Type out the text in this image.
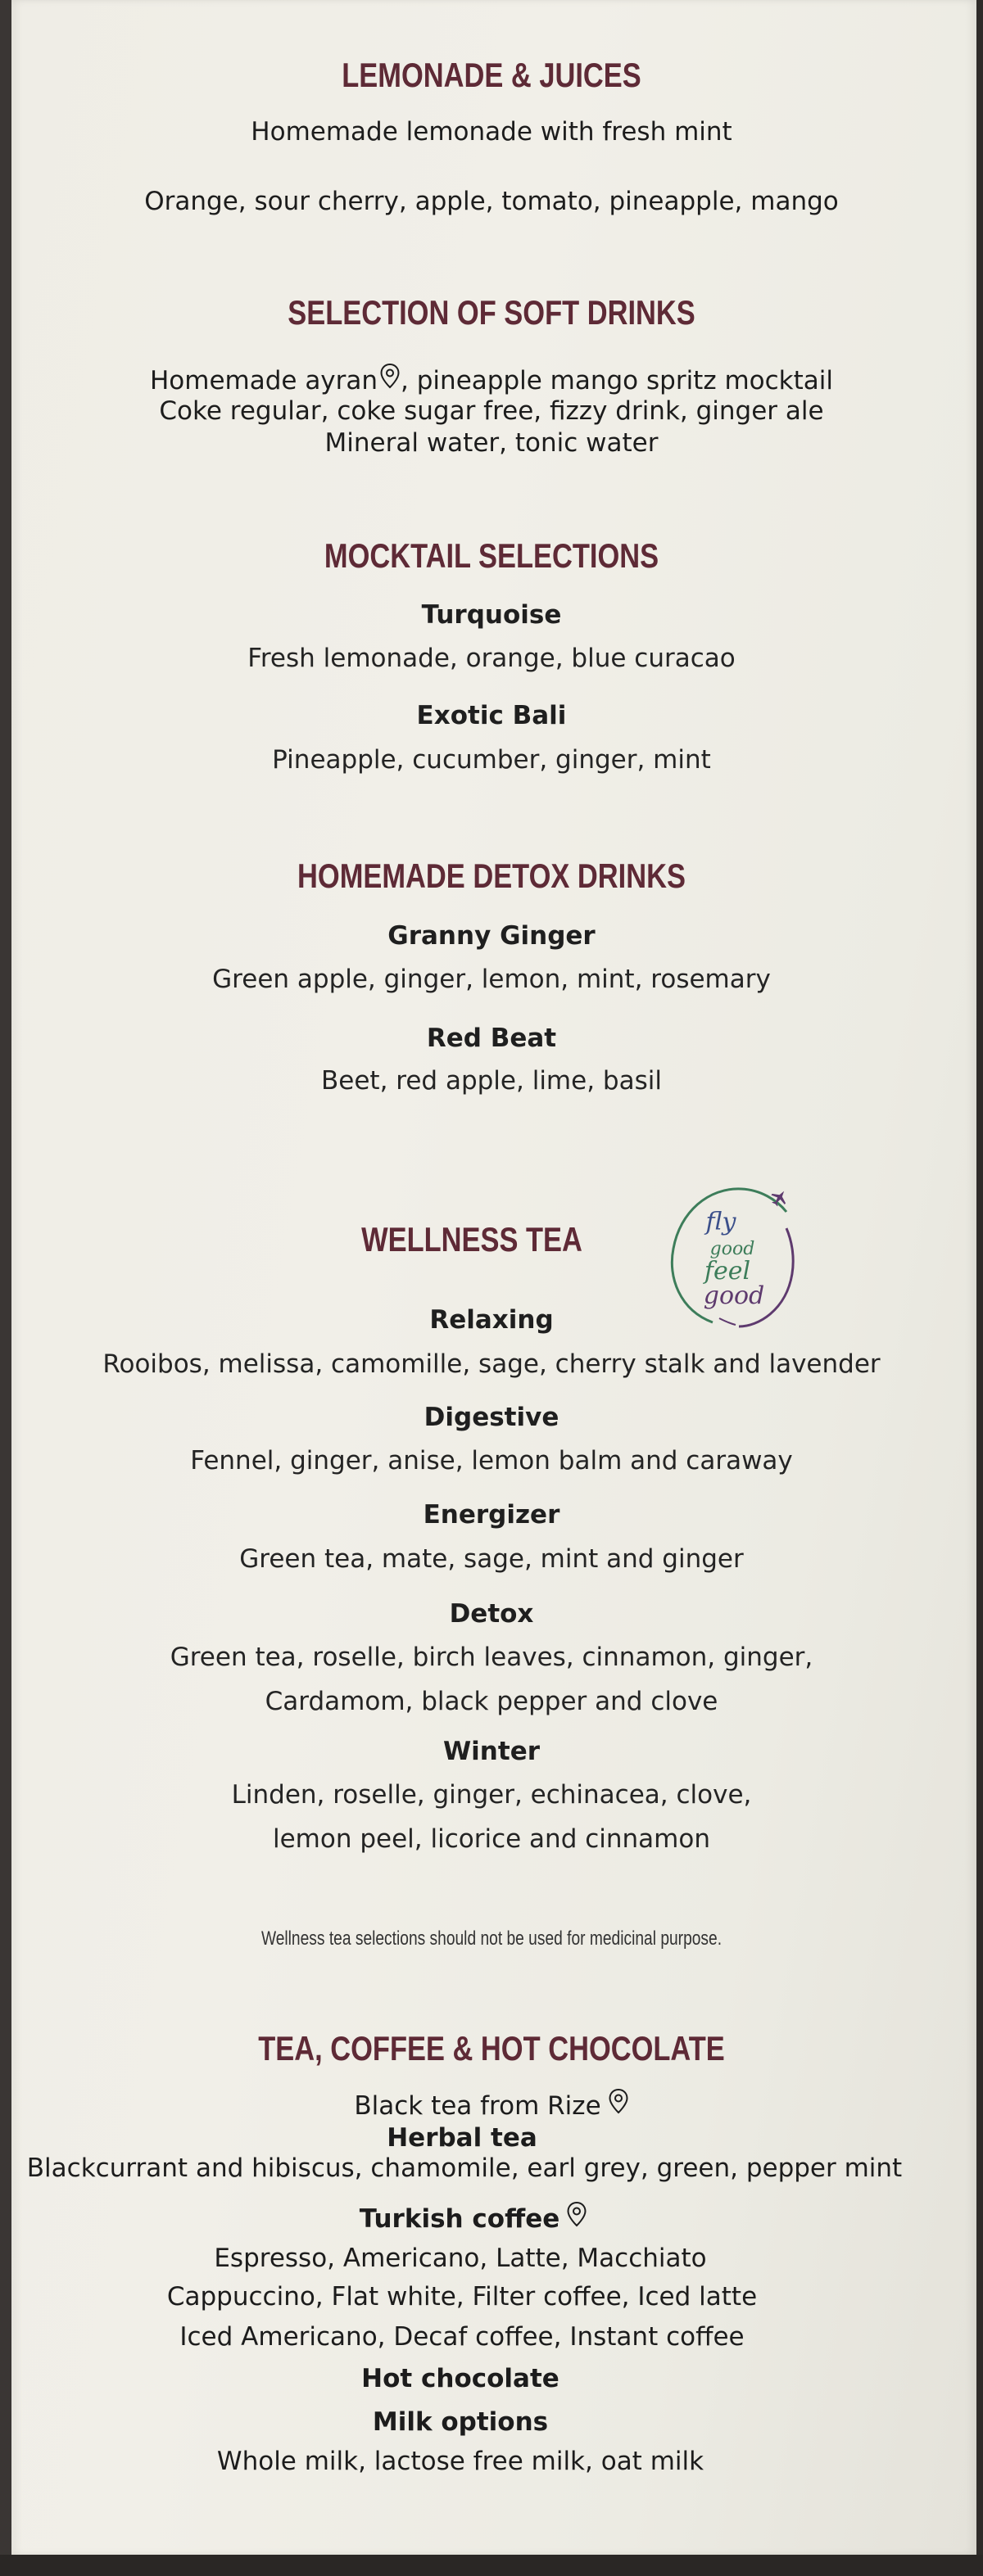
LEMONADE & JUICES
Homemade lemonade with fresh mint
Orange, sour cherry, apple, tomato, pineapple, mango
SELECTION OF SOFT DRINKS
Homemade ayran , pineapple mango spritz mocktail
Coke regular, coke sugar free, fizzy drink, ginger ale
Mineral water, tonic water
MOCKTAIL SELECTIONS
Turquoise
Fresh lemonade, orange, blue curacao
Exotic Bali
Pineapple, cucumber, ginger, mint
HOMEMADE DETOX DRINKS
Granny Ginger
Green apple, ginger, lemon, mint, rosemary
Red Beat
Beet, red apple, lime, basil
WELLNESS TEA	fly
good
feel
good
Relaxing
Rooibos, melissa, camomille, sage, cherry stalk and lavender
Digestive
Fennel, ginger, anise, lemon balm and caraway
Energizer
Green tea, mate, sage, mint and ginger
Detox
Green tea, roselle, birch leaves, cinnamon, ginger,
Cardamom, black pepper and clove
Winter
Linden, roselle, ginger, echinacea, clove,
lemon peel, licorice and cinnamon
Wellness tea selections should not be used for medicinal purpose.
TEA, COFFEE & HOT CHOCOLATE
Black tea from Rize
Herbal tea
Blackcurrant and hibiscus, chamomile, earl grey, green, pepper mint
Turkish coffee
Espresso, Americano, Latte, Macchiato
Cappuccino, Flat white, Filter coffee, Iced latte
Iced Americano, Decaf coffee, Instant coffee
Hot chocolate
Milk options
Whole milk, lactose free milk, oat milk
